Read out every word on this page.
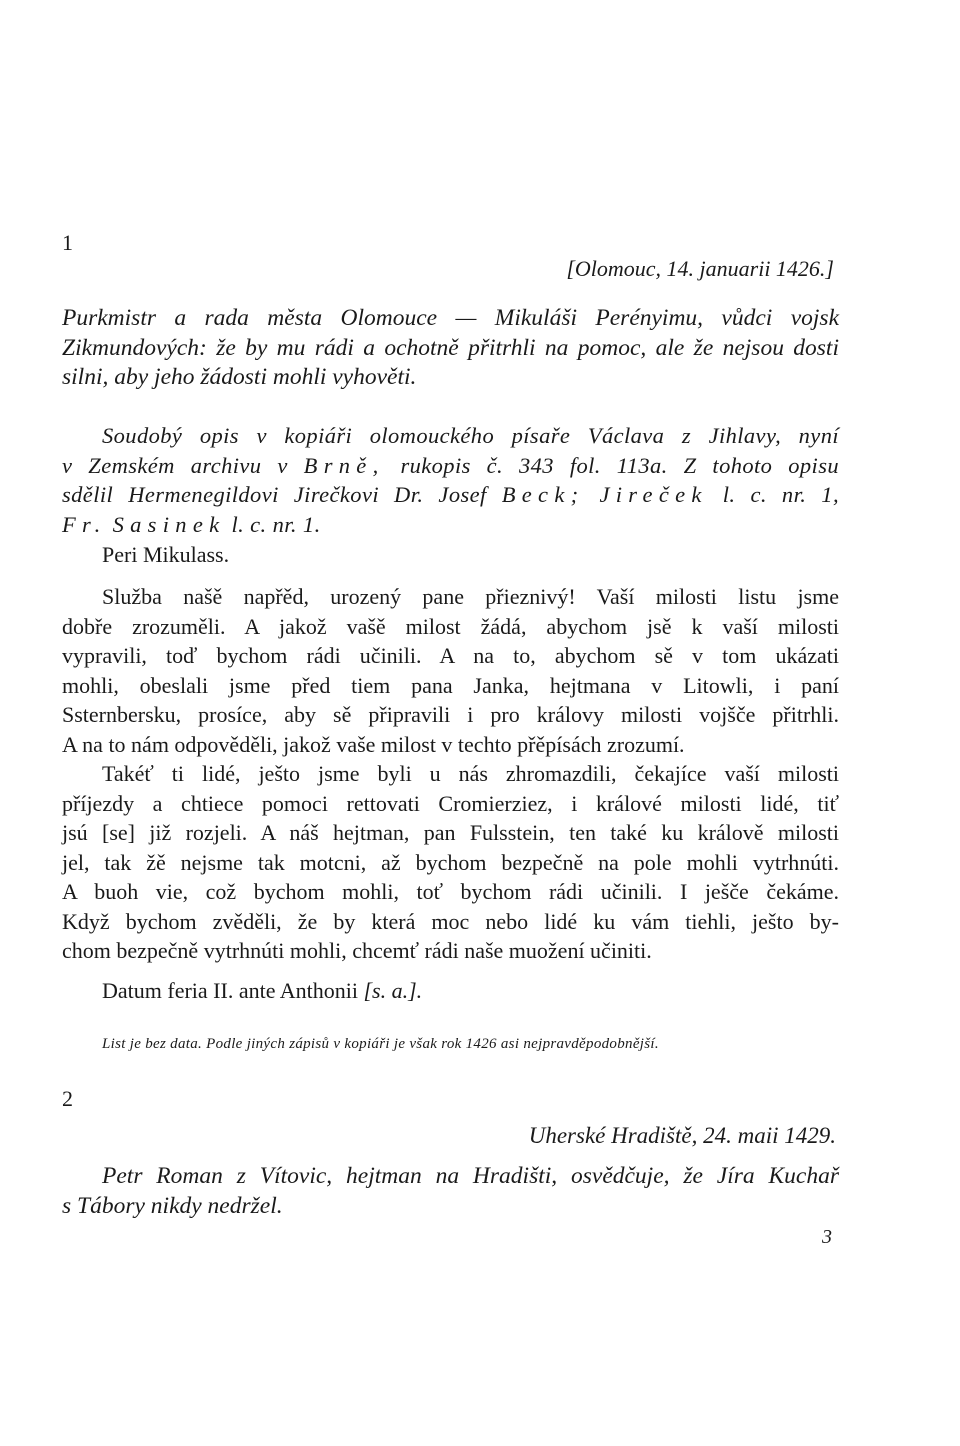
1
[Olomouc, 14. januarii 1426.]
Purkmistr a rada města Olomouce — Mikuláši Perényimu, vůdci vojsk
Zikmundových: že by mu rádi a ochotně přitrhli na pomoc, ale že nejsou dosti
silni, aby jeho žádosti mohli vyhověti.
Soudobý opis v kopiáři olomouckého písaře Václava z Jihlavy, nyní
v Zemském archivu v Brně, rukopis č. 343 fol. 113a. Z tohoto opisu
sdělil Hermenegildovi Jirečkovi Dr. Josef Beck; Jireček l. c. nr. 1,
Fr. Sasinek l. c. nr. 1.
Peri Mikulass.
Služba našě napřěd, urozený pane přieznivý! Vaší milosti listu jsme
dobře zrozuměli. A jakož vašě milost žádá, abychom jsě k vaší milosti
vypravili, toď bychom rádi učinili. A na to, abychom sě v tom ukázati
mohli, obeslali jsme před tiem pana Janka, hejtmana v Litowli, i paní
Ssternbersku, prosíce, aby sě připravili i pro královy milosti vojšče přitrhli.
A na to nám odpověděli, jakož vaše milost v techto přěpísách zrozumí.
Takéť ti lidé, ješto jsme byli u nás zhromazdili, čekajíce vaší milosti
příjezdy a chtiece pomoci rettovati Cromierziez, i králové milosti lidé, tiť
jsú [se] již rozjeli. A náš hejtman, pan Fulsstein, ten také ku králově milosti
jel, tak žě nejsme tak motcni, až bychom bezpečně na pole mohli vytrhnúti.
A buoh vie, což bychom mohli, toť bychom rádi učinili. I ješče čekáme.
Když bychom zvěděli, že by která moc nebo lidé ku vám tiehli, ješto by-
chom bezpečně vytrhnúti mohli, chcemť rádi naše muožení učiniti.
Datum feria II. ante Anthonii [s. a.].
List je bez data. Podle jiných zápisů v kopiáři je však rok 1426 asi nejpravděpodobnější.
2
Uherské Hradiště, 24. maii 1429.
Petr Roman z Vítovic, hejtman na Hradišti, osvědčuje, že Jíra Kuchař
s Tábory nikdy nedržel.
3
